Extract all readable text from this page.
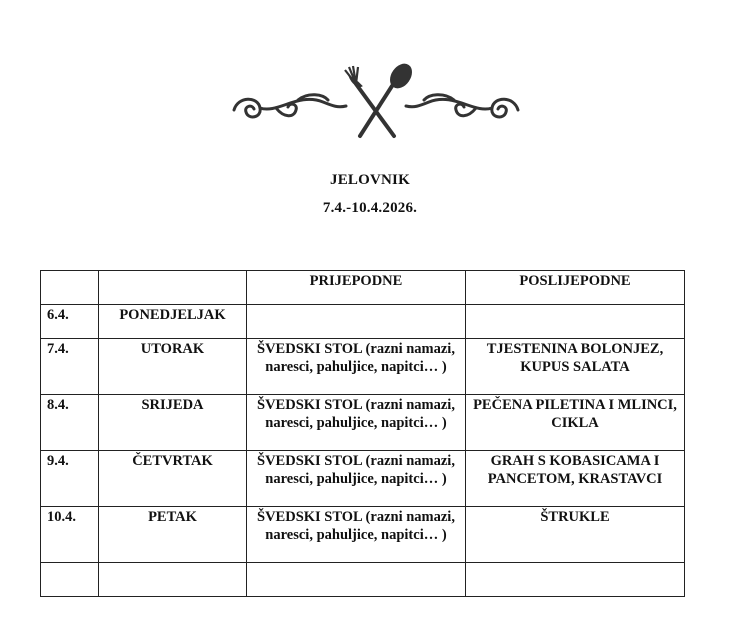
JELOVNIK
7.4.-10.4.2026.
		PRIJEPODNE	POSLIJEPODNE
6.4.	PONEDJELJAK		
7.4.	UTORAK	ŠVEDSKI STOL (razni namazi, naresci, pahuljice, napitci… )	TJESTENINA BOLONJEZ, KUPUS SALATA
8.4.	SRIJEDA	ŠVEDSKI STOL (razni namazi, naresci, pahuljice, napitci… )	PEČENA PILETINA I MLINCI, CIKLA
9.4.	ČETVRTAK	ŠVEDSKI STOL (razni namazi, naresci, pahuljice, napitci… )	GRAH S KOBASICAMA I PANCETOM, KRASTAVCI
10.4.	PETAK	ŠVEDSKI STOL (razni namazi, naresci, pahuljice, napitci… )	ŠTRUKLE
